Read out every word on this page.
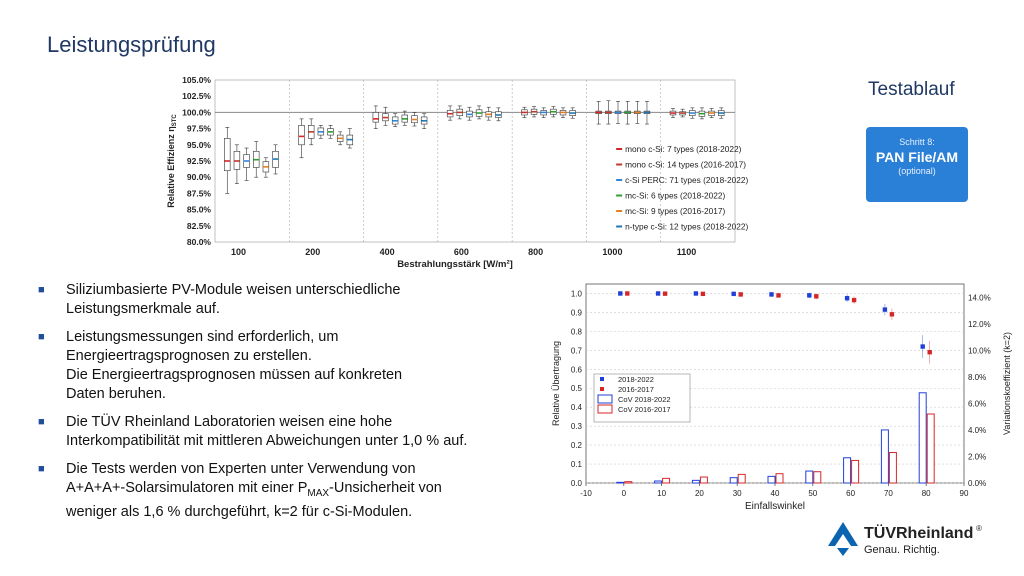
Leistungsprüfung
80.0%
82.5%
85.0%
87.5%
90.0%
92.5%
95.0%
97.5%
100.0%
102.5%
105.0%
100	200	400	600	800	1000	1100
mono c-Si: 7 types (2018-2022)
mono c-Si: 14 types (2016-2017)
c-Si PERC: 71 types (2018-2022)
mc-Si: 6 types (2018-2022)
mc-Si: 9 types (2016-2017)
n-type c-Si: 12 types (2018-2022)
Relative Effizienz $\eta_{STC}$
Bestrahlungsstärk [W/m²]
Testablauf
Schritt 8:
PAN File/AM
(optional)
■ Siliziumbasierte PV-Module weisen unterschiedliche
Leistungsmerkmale auf.
■ Leistungsmessungen sind erforderlich, um
Energieertragsprognosen zu erstellen.
Die Energieertragsprognosen müssen auf konkreten
Daten beruhen.
■ Die TÜV Rheinland Laboratorien weisen eine hohe
Interkompatibilität mit mittleren Abweichungen unter 1,0 % auf.
■ Die Tests werden von Experten unter Verwendung von
A+A+A+-Solarsimulatoren mit einer $P_{MAX}$-Unsicherheit von
weniger als 1,6 % durchgeführt, k=2 für c-Si-Modulen.
0.0
0.1
0.2
0.3
0.4
0.5
0.6
0.7
0.8
0.9
1.0
0.0%
2.0%
4.0%
6.0%
8.0%
10.0%
12.0%
14.0%
-10	0	10	20	30	40	50	60	70	80	90
2018-2022
2016-2017
CoV 2018-2022
CoV 2016-2017
Relative Übertragung	Variationskoeffizient (k=2)
Einfallswinkel
TÜVRheinland ®
Genau. Richtig.
